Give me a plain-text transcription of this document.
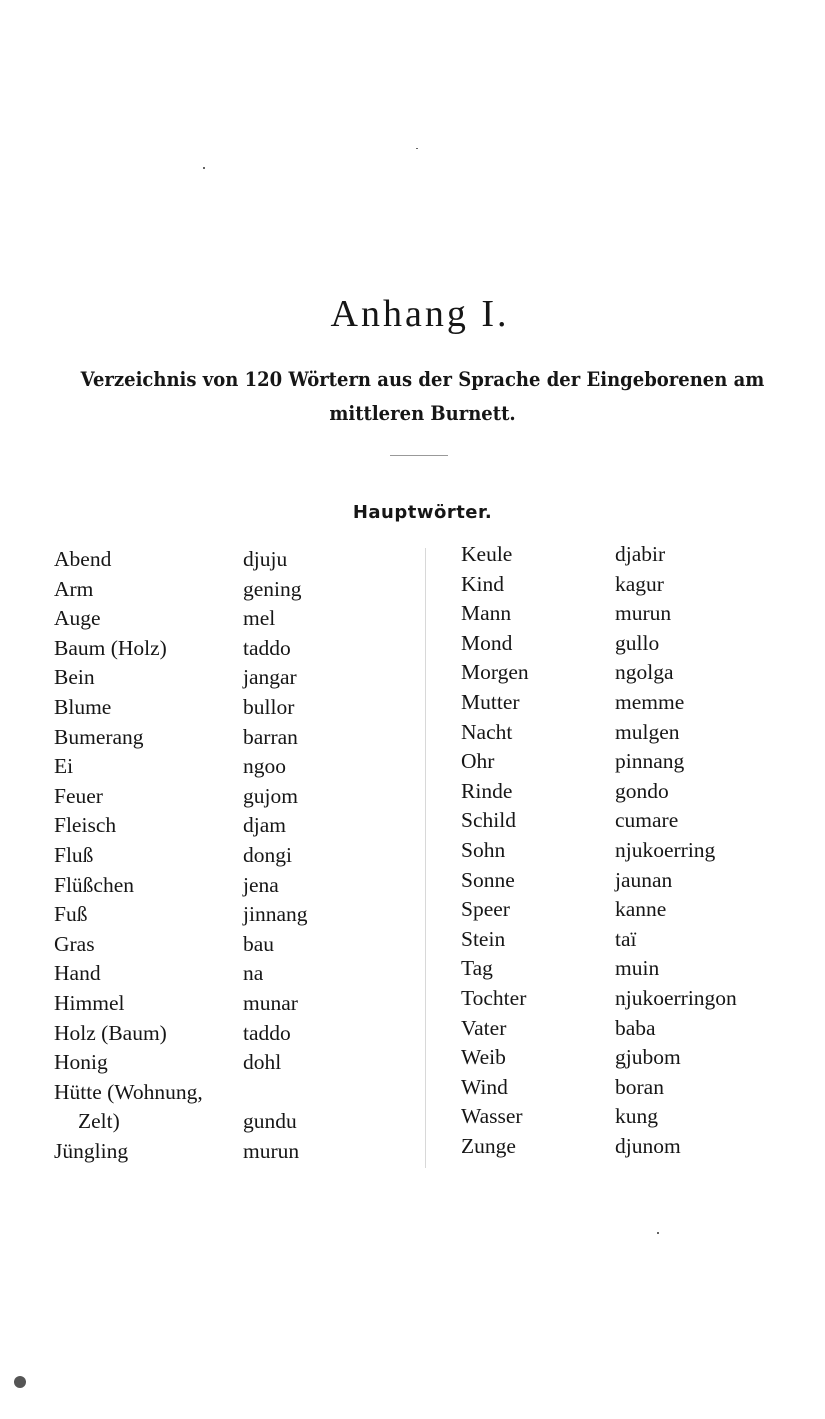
Anhang I.

Verzeichnis von 120 Wörtern aus der Sprache der Eingeborenen am mittleren Burnett.

Hauptwörter.
Abend	djuju
Arm	gening
Auge	mel
Baum (Holz)	taddo
Bein	jangar
Blume	bullor
Bumerang	barran
Ei	ngoo
Feuer	gujom
Fleisch	djam
Fluß	dongi
Flüßchen	jena
Fuß	jinnang
Gras	bau
Hand	na
Himmel	munar
Holz (Baum)	taddo
Honig	dohl
Hütte (Wohnung,
Zelt)	gundu
Jüngling	murun
Keule	djabir
Kind	kagur
Mann	murun
Mond	gullo
Morgen	ngolga
Mutter	memme
Nacht	mulgen
Ohr	pinnang
Rinde	gondo
Schild	cumare
Sohn	njukoerring
Sonne	jaunan
Speer	kanne
Stein	taï
Tag	muin
Tochter	njukoerringon
Vater	baba
Weib	gjubom
Wind	boran
Wasser	kung
Zunge	djunom
